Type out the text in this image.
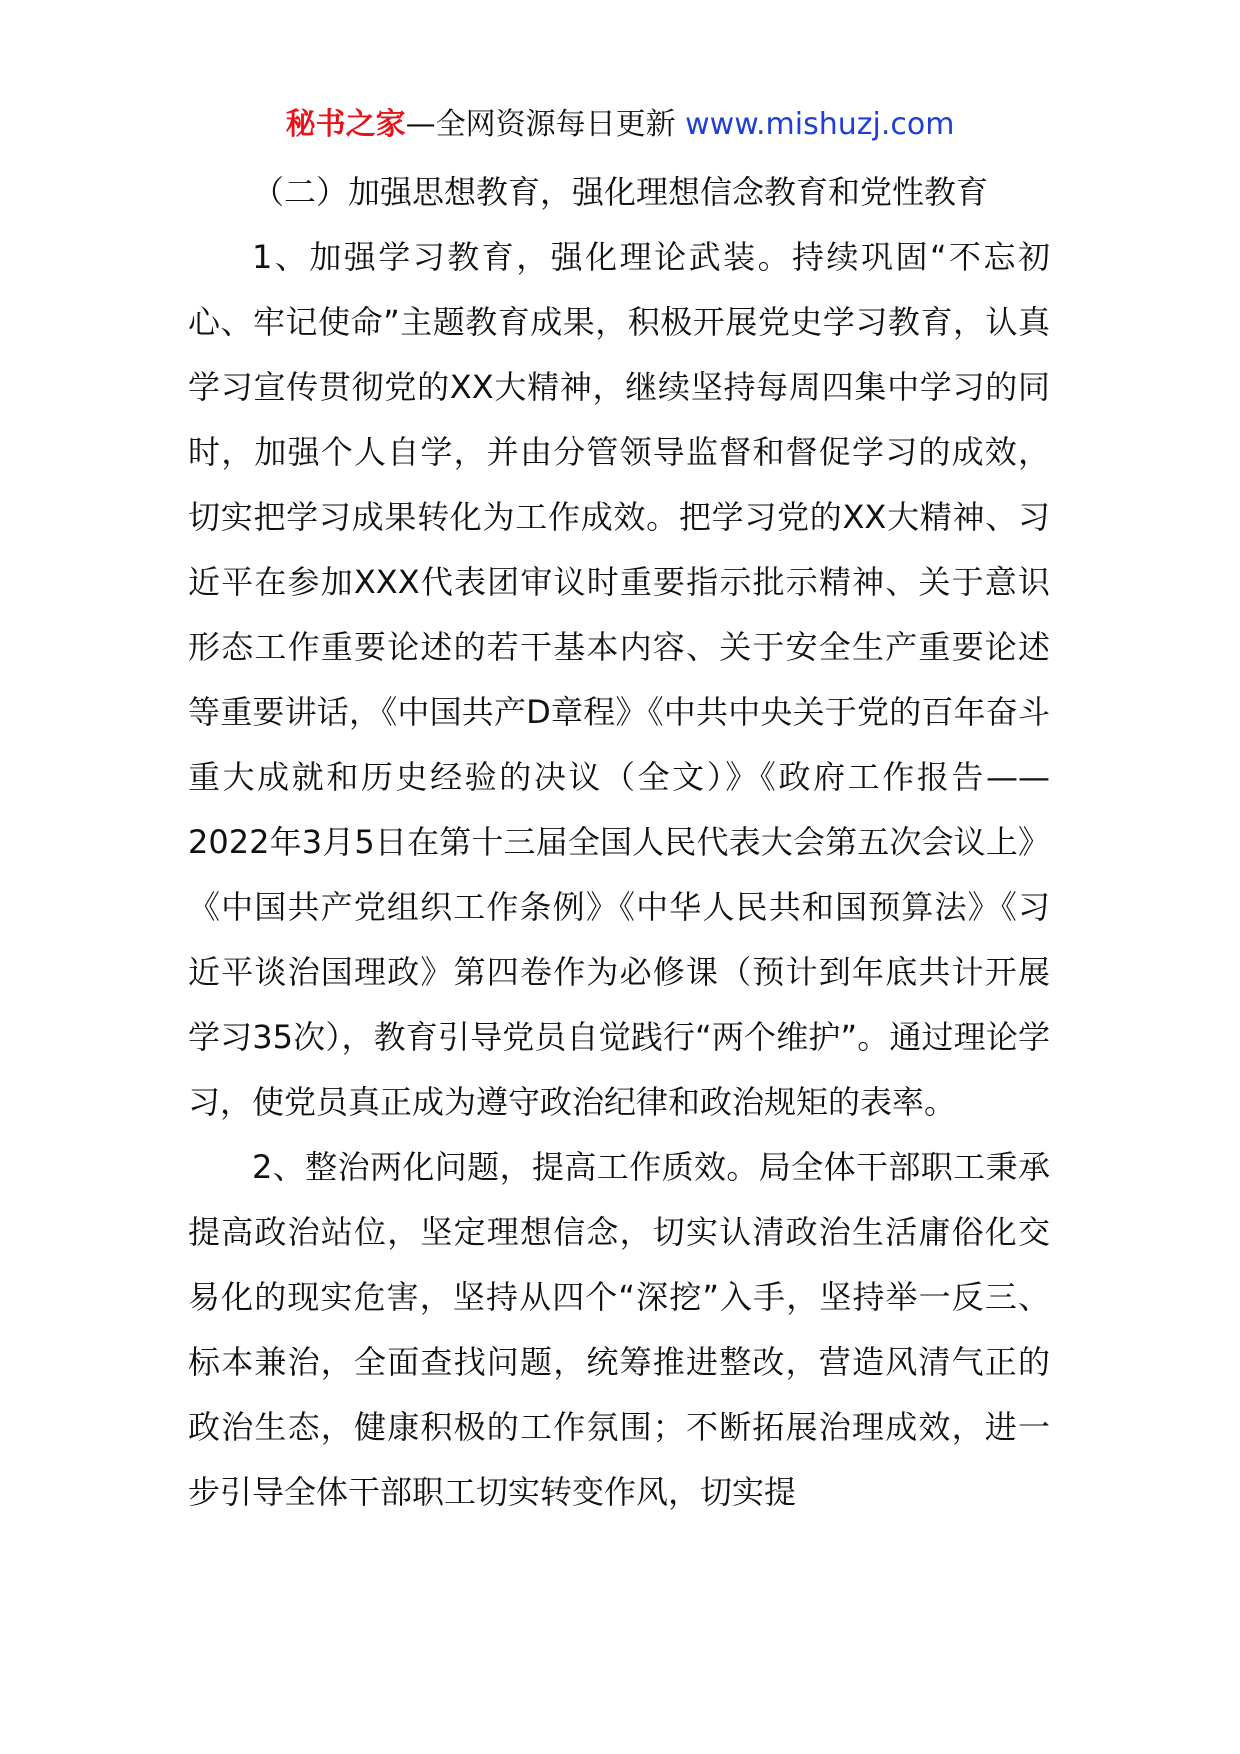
秘书之家—全网资源每日更新 www.mishuzj.com

（二）加强思想教育，强化理想信念教育和党性教育

1、加强学习教育，强化理论武装。持续巩固“不忘初心、牢记使命”主题教育成果，积极开展党史学习教育，认真学习宣传贯彻党的XX大精神，继续坚持每周四集中学习的同时，加强个人自学，并由分管领导监督和督促学习的成效，切实把学习成果转化为工作成效。把学习党的XX大精神、习近平在参加XXX代表团审议时重要指示批示精神、关于意识形态工作重要论述的若干基本内容、关于安全生产重要论述等重要讲话，《中国共产D章程》《中共中央关于党的百年奋斗重大成就和历史经验的决议（全文）》《政府工作报告——2022年3月5日在第十三届全国人民代表大会第五次会议上》《中国共产党组织工作条例》《中华人民共和国预算法》《习近平谈治国理政》第四卷作为必修课（预计到年底共计开展学习35次），教育引导党员自觉践行“两个维护”。通过理论学习，使党员真正成为遵守政治纪律和政治规矩的表率。

2、整治两化问题，提高工作质效。局全体干部职工秉承提高政治站位，坚定理想信念，切实认清政治生活庸俗化交易化的现实危害，坚持从四个“深挖”入手，坚持举一反三、标本兼治，全面查找问题，统筹推进整改，营造风清气正的政治生态，健康积极的工作氛围；不断拓展治理成效，进一步引导全体干部职工切实转变作风，切实提
